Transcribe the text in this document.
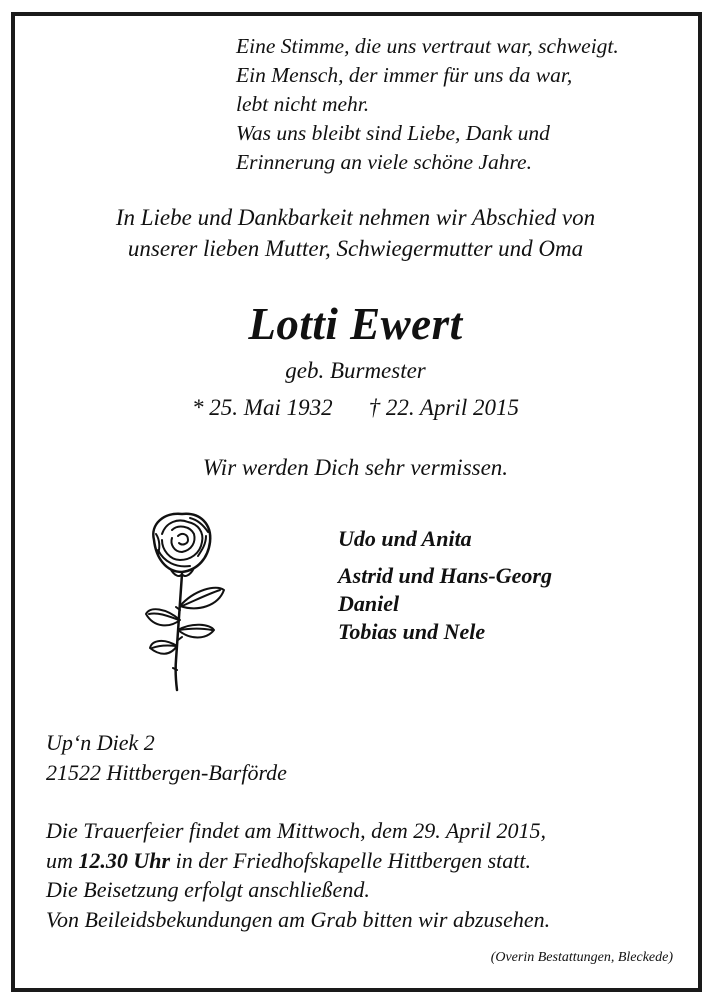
Eine Stimme, die uns vertraut war, schweigt.
Ein Mensch, der immer für uns da war,
lebt nicht mehr.
Was uns bleibt sind Liebe, Dank und
Erinnerung an viele schöne Jahre.
In Liebe und Dankbarkeit nehmen wir Abschied von
unserer lieben Mutter, Schwiegermutter und Oma
Lotti Ewert
geb. Burmester
* 25. Mai 1932 † 22. April 2015
Wir werden Dich sehr vermissen.
Udo und Anita
Astrid und Hans-Georg
Daniel
Tobias und Nele
Up‘n Diek 2
21522 Hittbergen-Barförde
Die Trauerfeier findet am Mittwoch, dem 29. April 2015,
um 12.30 Uhr in der Friedhofskapelle Hittbergen statt.
Die Beisetzung erfolgt anschließend.
Von Beileidsbekundungen am Grab bitten wir abzusehen.
(Overin Bestattungen, Bleckede)
